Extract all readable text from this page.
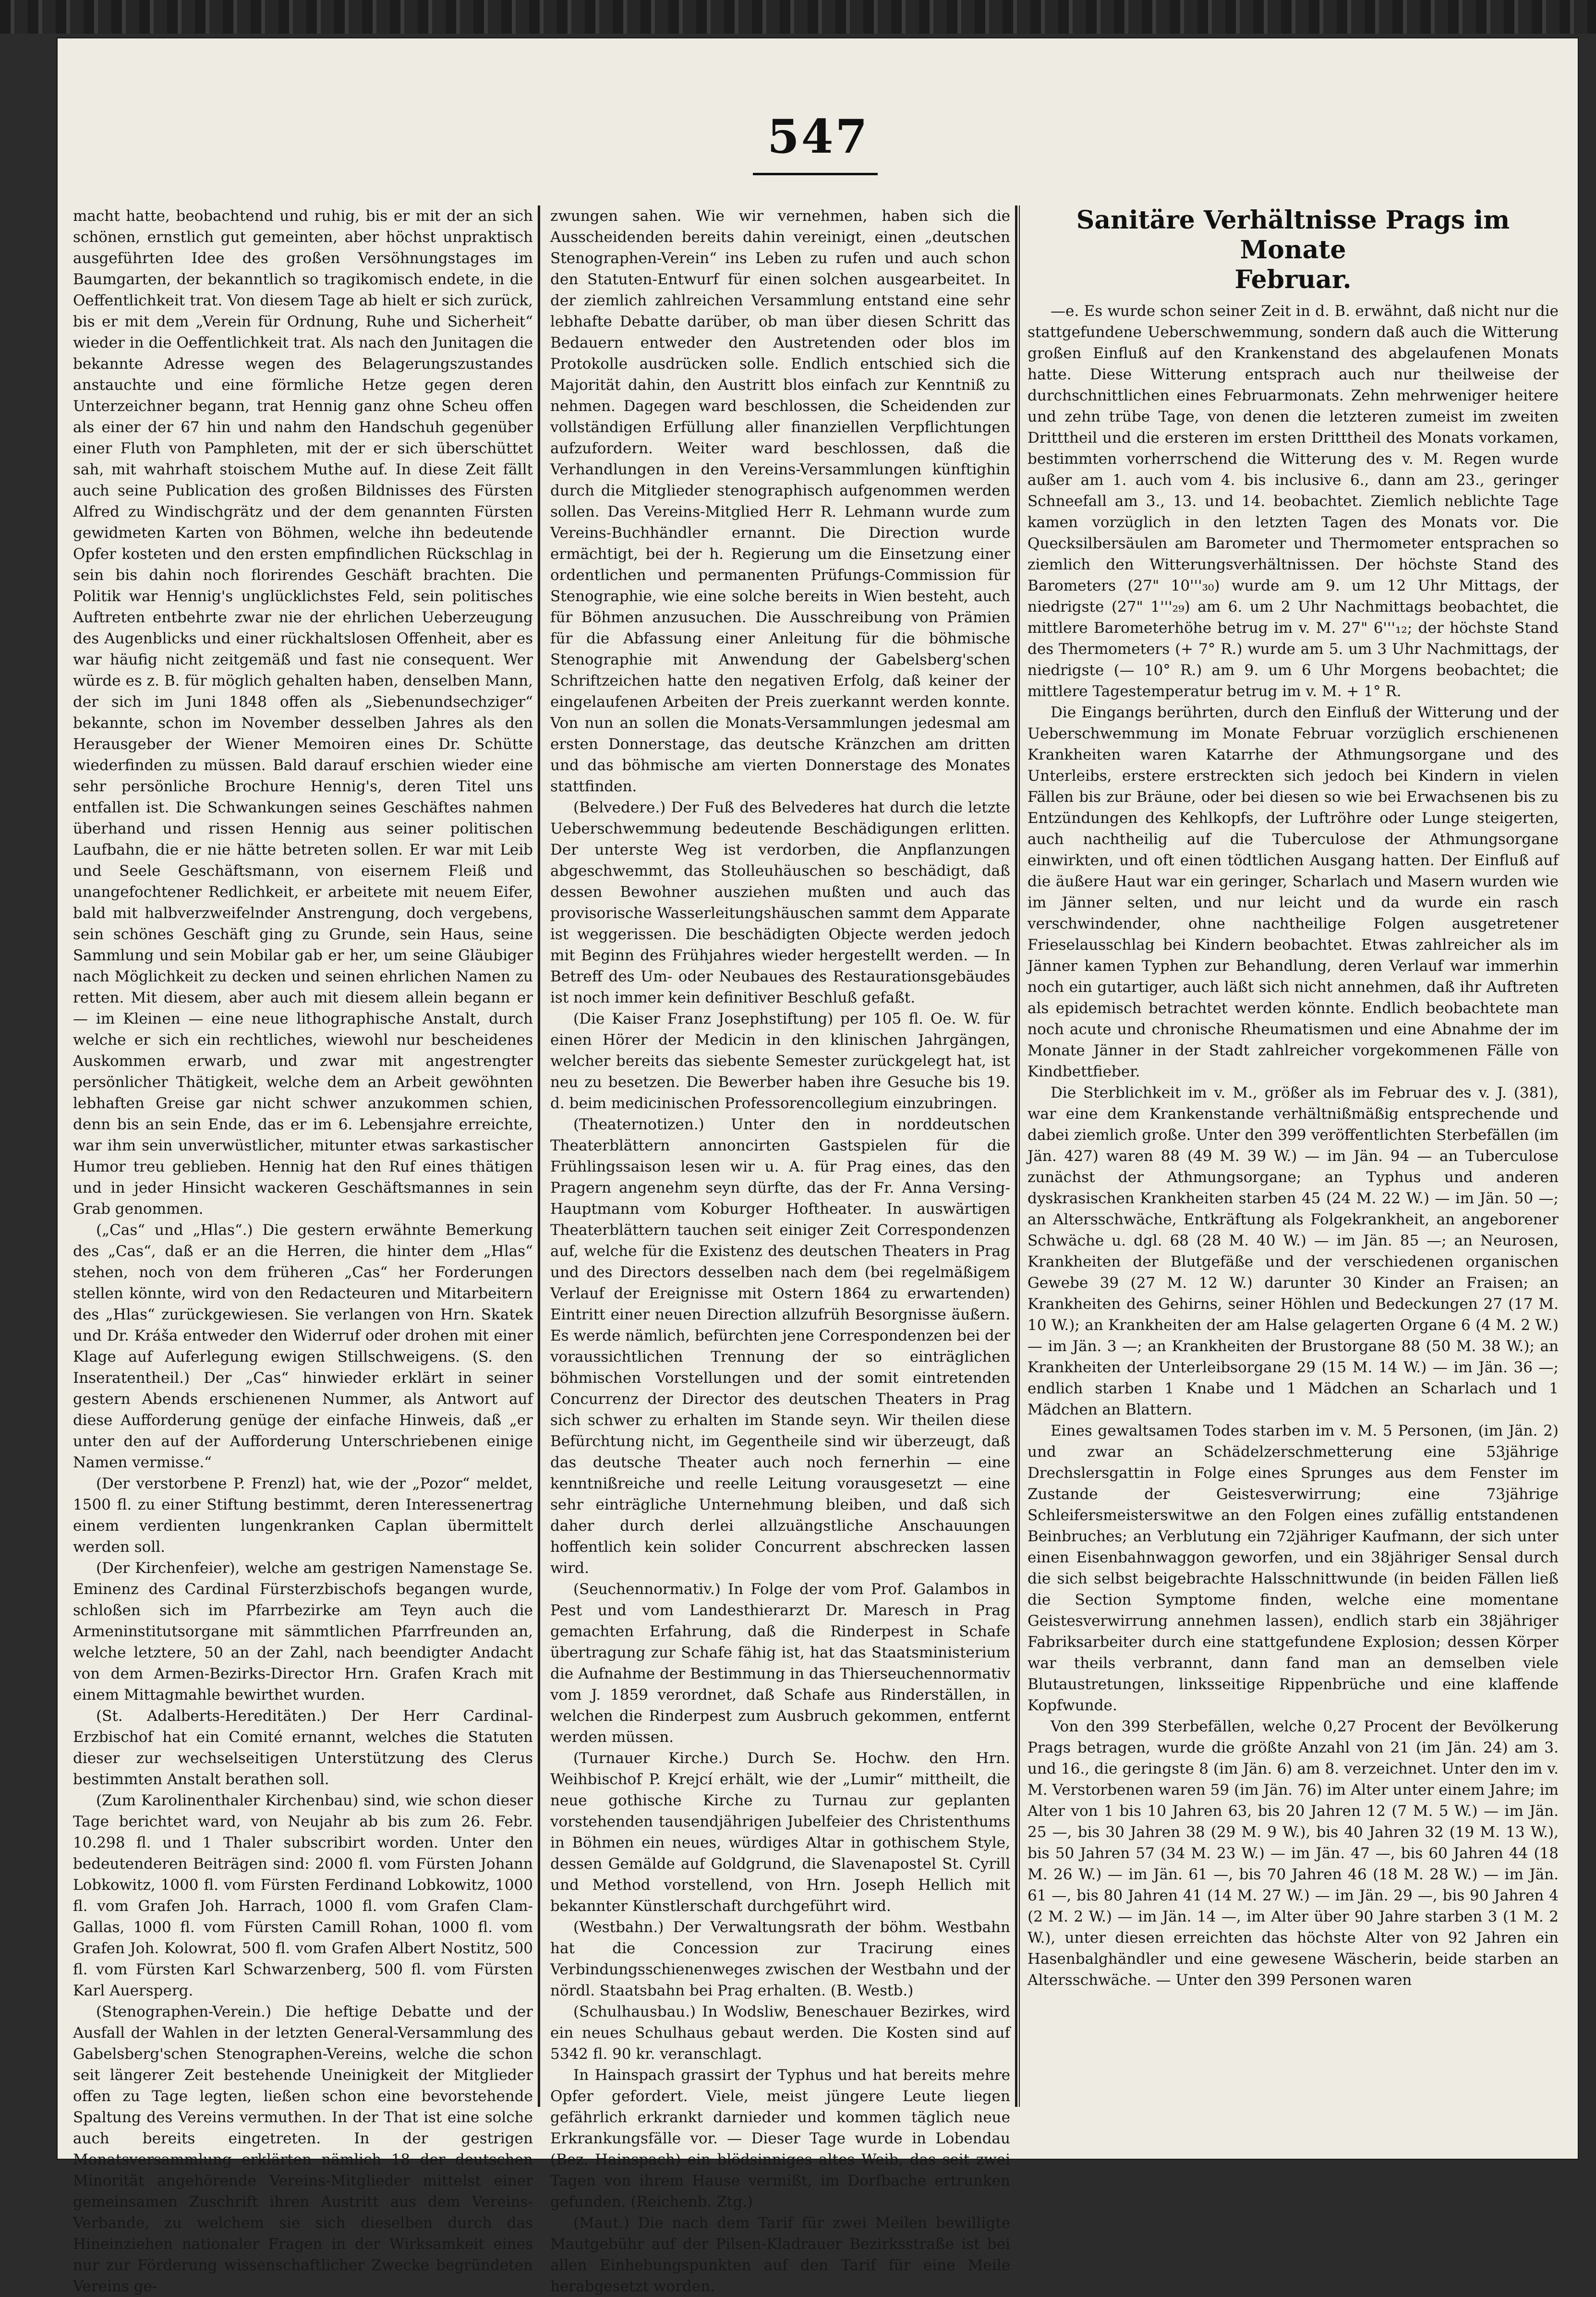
547

macht hatte, beobachtend und ruhig, bis er mit der an sich schönen, ernstlich gut gemeinten, aber höchst unpraktisch ausgeführten Idee des großen Versöhnungstages im Baumgarten, der bekanntlich so tragikomisch endete, in die Oeffentlichkeit trat. Von diesem Tage ab hielt er sich zurück, bis er mit dem „Verein für Ordnung, Ruhe und Sicherheit“ wieder in die Oeffentlichkeit trat. Als nach den Junitagen die bekannte Adresse wegen des Belagerungszustandes anstauchte und eine förmliche Hetze gegen deren Unterzeichner begann, trat Hennig ganz ohne Scheu offen als einer der 67 hin und nahm den Handschuh gegenüber einer Fluth von Pamphleten, mit der er sich überschüttet sah, mit wahrhaft stoischem Muthe auf. In diese Zeit fällt auch seine Publication des großen Bildnisses des Fürsten Alfred zu Windischgrätz und der dem genannten Fürsten gewidmeten Karten von Böhmen, welche ihn bedeutende Opfer kosteten und den ersten empfindlichen Rückschlag in sein bis dahin noch florirendes Geschäft brachten. Die Politik war Hennig's unglücklichstes Feld, sein politisches Auftreten entbehrte zwar nie der ehrlichen Ueberzeugung des Augenblicks und einer rückhaltslosen Offenheit, aber es war häufig nicht zeitgemäß und fast nie consequent. Wer würde es z. B. für möglich gehalten haben, denselben Mann, der sich im Juni 1848 offen als „Siebenundsechziger“ bekannte, schon im November desselben Jahres als den Herausgeber der Wiener Memoiren eines Dr. Schütte wiederfinden zu müssen. Bald darauf erschien wieder eine sehr persönliche Brochure Hennig's, deren Titel uns entfallen ist. Die Schwankungen seines Geschäftes nahmen überhand und rissen Hennig aus seiner politischen Laufbahn, die er nie hätte betreten sollen. Er war mit Leib und Seele Geschäftsmann, von eisernem Fleiß und unangefochtener Redlichkeit, er arbeitete mit neuem Eifer, bald mit halbverzweifelnder Anstrengung, doch vergebens, sein schönes Geschäft ging zu Grunde, sein Haus, seine Sammlung und sein Mobilar gab er her, um seine Gläubiger nach Möglichkeit zu decken und seinen ehrlichen Namen zu retten. Mit diesem, aber auch mit diesem allein begann er — im Kleinen — eine neue lithographische Anstalt, durch welche er sich ein rechtliches, wiewohl nur bescheidenes Auskommen erwarb, und zwar mit angestrengter persönlicher Thätigkeit, welche dem an Arbeit gewöhnten lebhaften Greise gar nicht schwer anzukommen schien, denn bis an sein Ende, das er im 6. Lebensjahre erreichte, war ihm sein unverwüstlicher, mitunter etwas sarkastischer Humor treu geblieben. Hennig hat den Ruf eines thätigen und in jeder Hinsicht wackeren Geschäftsmannes in sein Grab genommen.

(„Cas“ und „Hlas“.) Die gestern erwähnte Bemerkung des „Cas“, daß er an die Herren, die hinter dem „Hlas“ stehen, noch von dem früheren „Cas“ her Forderungen stellen könnte, wird von den Redacteuren und Mitarbeitern des „Hlas“ zurückgewiesen. Sie verlangen von Hrn. Skatek und Dr. Kráša entweder den Widerruf oder drohen mit einer Klage auf Auferlegung ewigen Stillschweigens. (S. den Inseratentheil.) Der „Cas“ hinwieder erklärt in seiner gestern Abends erschienenen Nummer, als Antwort auf diese Aufforderung genüge der einfache Hinweis, daß „er unter den auf der Aufforderung Unterschriebenen einige Namen vermisse.“

(Der verstorbene P. Frenzl) hat, wie der „Pozor“ meldet, 1500 fl. zu einer Stiftung bestimmt, deren Interessenertrag einem verdienten lungenkranken Caplan übermittelt werden soll.

(Der Kirchenfeier), welche am gestrigen Namenstage Se. Eminenz des Cardinal Fürsterzbischofs begangen wurde, schloßen sich im Pfarrbezirke am Teyn auch die Armeninstitutsorgane mit sämmtlichen Pfarrfreunden an, welche letztere, 50 an der Zahl, nach beendigter Andacht von dem Armen-Bezirks-Director Hrn. Grafen Krach mit einem Mittagmahle bewirthet wurden.

(St. Adalberts-Hereditäten.) Der Herr Cardinal-Erzbischof hat ein Comité ernannt, welches die Statuten dieser zur wechselseitigen Unterstützung des Clerus bestimmten Anstalt berathen soll.

(Zum Karolinenthaler Kirchenbau) sind, wie schon dieser Tage berichtet ward, von Neujahr ab bis zum 26. Febr. 10.298 fl. und 1 Thaler subscribirt worden. Unter den bedeutenderen Beiträgen sind: 2000 fl. vom Fürsten Johann Lobkowitz, 1000 fl. vom Fürsten Ferdinand Lobkowitz, 1000 fl. vom Grafen Joh. Harrach, 1000 fl. vom Grafen Clam-Gallas, 1000 fl. vom Fürsten Camill Rohan, 1000 fl. vom Grafen Joh. Kolowrat, 500 fl. vom Grafen Albert Nostitz, 500 fl. vom Fürsten Karl Schwarzenberg, 500 fl. vom Fürsten Karl Auersperg.

(Stenographen-Verein.) Die heftige Debatte und der Ausfall der Wahlen in der letzten General-Versammlung des Gabelsberg'schen Stenographen-Vereins, welche die schon seit längerer Zeit bestehende Uneinigkeit der Mitglieder offen zu Tage legten, ließen schon eine bevorstehende Spaltung des Vereins vermuthen. In der That ist eine solche auch bereits eingetreten. In der gestrigen Monatsversammlung erklärten nämlich 18 der deutschen Minorität angehörende Vereins-Mitglieder mittelst einer gemeinsamen Zuschrift ihren Austritt aus dem Vereins-Verbande, zu welchem sie sich dieselben durch das Hineinziehen nationaler Fragen in der Wirksamkeit eines nur zur Förderung wissenschaftlicher Zwecke begründeten Vereins ge-

zwungen sahen. Wie wir vernehmen, haben sich die Ausscheidenden bereits dahin vereinigt, einen „deutschen Stenographen-Verein“ ins Leben zu rufen und auch schon den Statuten-Entwurf für einen solchen ausgearbeitet. In der ziemlich zahlreichen Versammlung entstand eine sehr lebhafte Debatte darüber, ob man über diesen Schritt das Bedauern entweder den Austretenden oder blos im Protokolle ausdrücken solle. Endlich entschied sich die Majorität dahin, den Austritt blos einfach zur Kenntniß zu nehmen. Dagegen ward beschlossen, die Scheidenden zur vollständigen Erfüllung aller finanziellen Verpflichtungen aufzufordern. Weiter ward beschlossen, daß die Verhandlungen in den Vereins-Versammlungen künftighin durch die Mitglieder stenographisch aufgenommen werden sollen. Das Vereins-Mitglied Herr R. Lehmann wurde zum Vereins-Buchhändler ernannt. Die Direction wurde ermächtigt, bei der h. Regierung um die Einsetzung einer ordentlichen und permanenten Prüfungs-Commission für Stenographie, wie eine solche bereits in Wien besteht, auch für Böhmen anzusuchen. Die Ausschreibung von Prämien für die Abfassung einer Anleitung für die böhmische Stenographie mit Anwendung der Gabelsberg'schen Schriftzeichen hatte den negativen Erfolg, daß keiner der eingelaufenen Arbeiten der Preis zuerkannt werden konnte. Von nun an sollen die Monats-Versammlungen jedesmal am ersten Donnerstage, das deutsche Kränzchen am dritten und das böhmische am vierten Donnerstage des Monates stattfinden.

(Belvedere.) Der Fuß des Belvederes hat durch die letzte Ueberschwemmung bedeutende Beschädigungen erlitten. Der unterste Weg ist verdorben, die Anpflanzungen abgeschwemmt, das Stolleuhäuschen so beschädigt, daß dessen Bewohner ausziehen mußten und auch das provisorische Wasserleitungshäuschen sammt dem Apparate ist weggerissen. Die beschädigten Objecte werden jedoch mit Beginn des Frühjahres wieder hergestellt werden. — In Betreff des Um- oder Neubaues des Restaurationsgebäudes ist noch immer kein definitiver Beschluß gefaßt.

(Die Kaiser Franz Josephstiftung) per 105 fl. Oe. W. für einen Hörer der Medicin in den klinischen Jahrgängen, welcher bereits das siebente Semester zurückgelegt hat, ist neu zu besetzen. Die Bewerber haben ihre Gesuche bis 19. d. beim medicinischen Professorencollegium einzubringen.

(Theaternotizen.) Unter den in norddeutschen Theaterblättern annoncirten Gastspielen für die Frühlingssaison lesen wir u. A. für Prag eines, das den Pragern angenehm seyn dürfte, das der Fr. Anna Versing-Hauptmann vom Koburger Hoftheater. In auswärtigen Theaterblättern tauchen seit einiger Zeit Correspondenzen auf, welche für die Existenz des deutschen Theaters in Prag und des Directors desselben nach dem (bei regelmäßigem Verlauf der Ereignisse mit Ostern 1864 zu erwartenden) Eintritt einer neuen Direction allzufrüh Besorgnisse äußern. Es werde nämlich, befürchten jene Correspondenzen bei der voraussichtlichen Trennung der so einträglichen böhmischen Vorstellungen und der somit eintretenden Concurrenz der Director des deutschen Theaters in Prag sich schwer zu erhalten im Stande seyn. Wir theilen diese Befürchtung nicht, im Gegentheile sind wir überzeugt, daß das deutsche Theater auch noch fernerhin — eine kenntnißreiche und reelle Leitung vorausgesetzt — eine sehr einträgliche Unternehmung bleiben, und daß sich daher durch derlei allzuängstliche Anschauungen hoffentlich kein solider Concurrent abschrecken lassen wird.

(Seuchennormativ.) In Folge der vom Prof. Galambos in Pest und vom Landesthierarzt Dr. Maresch in Prag gemachten Erfahrung, daß die Rinderpest in Schafe übertragung zur Schafe fähig ist, hat das Staatsministerium die Aufnahme der Bestimmung in das Thierseuchennormativ vom J. 1859 verordnet, daß Schafe aus Rinderställen, in welchen die Rinderpest zum Ausbruch gekommen, entfernt werden müssen.

(Turnauer Kirche.) Durch Se. Hochw. den Hrn. Weihbischof P. Krejcí erhält, wie der „Lumir“ mittheilt, die neue gothische Kirche zu Turnau zur geplanten vorstehenden tausendjährigen Jubelfeier des Christenthums in Böhmen ein neues, würdiges Altar in gothischem Style, dessen Gemälde auf Goldgrund, die Slavenapostel St. Cyrill und Method vorstellend, von Hrn. Joseph Hellich mit bekannter Künstlerschaft durchgeführt wird.

(Westbahn.) Der Verwaltungsrath der böhm. Westbahn hat die Concession zur Tracirung eines Verbindungsschienenweges zwischen der Westbahn und der nördl. Staatsbahn bei Prag erhalten. (B. Westb.)

(Schulhausbau.) In Wodsliw, Beneschauer Bezirkes, wird ein neues Schulhaus gebaut werden. Die Kosten sind auf 5342 fl. 90 kr. veranschlagt.

In Hainspach grassirt der Typhus und hat bereits mehre Opfer gefordert. Viele, meist jüngere Leute liegen gefährlich erkrankt darnieder und kommen täglich neue Erkrankungsfälle vor. — Dieser Tage wurde in Lobendau (Bez. Hainspach) ein blödsinniges altes Weib, das seit zwei Tagen von ihrem Hause vermißt, im Dorfbache ertrunken gefunden. (Reichenb. Ztg.)

(Maut.) Die nach dem Tarif für zwei Meilen bewilligte Mautgebühr auf der Pilsen-Kladrauer Bezirksstraße ist bei allen Einhebungspunkten auf den Tarif für eine Meile herabgesetzt worden.

Sanitäre Verhältnisse Prags im Monate
Februar.

—e. Es wurde schon seiner Zeit in d. B. erwähnt, daß nicht nur die stattgefundene Ueberschwemmung, sondern daß auch die Witterung großen Einfluß auf den Krankenstand des abgelaufenen Monats hatte. Diese Witterung entsprach auch nur theilweise der durchschnittlichen eines Februarmonats. Zehn mehrweniger heitere und zehn trübe Tage, von denen die letzteren zumeist im zweiten Dritttheil und die ersteren im ersten Dritttheil des Monats vorkamen, bestimmten vorherrschend die Witterung des v. M. Regen wurde außer am 1. auch vom 4. bis inclusive 6., dann am 23., geringer Schneefall am 3., 13. und 14. beobachtet. Ziemlich neblichte Tage kamen vorzüglich in den letzten Tagen des Monats vor. Die Quecksilbersäulen am Barometer und Thermometer entsprachen so ziemlich den Witterungsverhältnissen. Der höchste Stand des Barometers (27" 10'''₃₀) wurde am 9. um 12 Uhr Mittags, der niedrigste (27" 1'''₂₉) am 6. um 2 Uhr Nachmittags beobachtet, die mittlere Barometerhöhe betrug im v. M. 27" 6'''₁₂; der höchste Stand des Thermometers (+ 7° R.) wurde am 5. um 3 Uhr Nachmittags, der niedrigste (— 10° R.) am 9. um 6 Uhr Morgens beobachtet; die mittlere Tagestemperatur betrug im v. M. + 1° R.

Die Eingangs berührten, durch den Einfluß der Witterung und der Ueberschwemmung im Monate Februar vorzüglich erschienenen Krankheiten waren Katarrhe der Athmungsorgane und des Unterleibs, erstere erstreckten sich jedoch bei Kindern in vielen Fällen bis zur Bräune, oder bei diesen so wie bei Erwachsenen bis zu Entzündungen des Kehlkopfs, der Luftröhre oder Lunge steigerten, auch nachtheilig auf die Tuberculose der Athmungsorgane einwirkten, und oft einen tödtlichen Ausgang hatten. Der Einfluß auf die äußere Haut war ein geringer, Scharlach und Masern wurden wie im Jänner selten, und nur leicht und da wurde ein rasch verschwindender, ohne nachtheilige Folgen ausgetretener Frieselausschlag bei Kindern beobachtet. Etwas zahlreicher als im Jänner kamen Typhen zur Behandlung, deren Verlauf war immerhin noch ein gutartiger, auch läßt sich nicht annehmen, daß ihr Auftreten als epidemisch betrachtet werden könnte. Endlich beobachtete man noch acute und chronische Rheumatismen und eine Abnahme der im Monate Jänner in der Stadt zahlreicher vorgekommenen Fälle von Kindbettfieber.

Die Sterblichkeit im v. M., größer als im Februar des v. J. (381), war eine dem Krankenstande verhältnißmäßig entsprechende und dabei ziemlich große. Unter den 399 veröffentlichten Sterbefällen (im Jän. 427) waren 88 (49 M. 39 W.) — im Jän. 94 — an Tuberculose zunächst der Athmungsorgane; an Typhus und anderen dyskrasischen Krankheiten starben 45 (24 M. 22 W.) — im Jän. 50 —; an Altersschwäche, Entkräftung als Folgekrankheit, an angeborener Schwäche u. dgl. 68 (28 M. 40 W.) — im Jän. 85 —; an Neurosen, Krankheiten der Blutgefäße und der verschiedenen organischen Gewebe 39 (27 M. 12 W.) darunter 30 Kinder an Fraisen; an Krankheiten des Gehirns, seiner Höhlen und Bedeckungen 27 (17 M. 10 W.); an Krankheiten der am Halse gelagerten Organe 6 (4 M. 2 W.) — im Jän. 3 —; an Krankheiten der Brustorgane 88 (50 M. 38 W.); an Krankheiten der Unterleibsorgane 29 (15 M. 14 W.) — im Jän. 36 —; endlich starben 1 Knabe und 1 Mädchen an Scharlach und 1 Mädchen an Blattern.

Eines gewaltsamen Todes starben im v. M. 5 Personen, (im Jän. 2) und zwar an Schädelzerschmetterung eine 53jährige Drechslersgattin in Folge eines Sprunges aus dem Fenster im Zustande der Geistesverwirrung; eine 73jährige Schleifersmeisterswitwe an den Folgen eines zufällig entstandenen Beinbruches; an Verblutung ein 72jähriger Kaufmann, der sich unter einen Eisenbahnwaggon geworfen, und ein 38jähriger Sensal durch die sich selbst beigebrachte Halsschnittwunde (in beiden Fällen ließ die Section Symptome finden, welche eine momentane Geistesverwirrung annehmen lassen), endlich starb ein 38jähriger Fabriksarbeiter durch eine stattgefundene Explosion; dessen Körper war theils verbrannt, dann fand man an demselben viele Blutaustretungen, linksseitige Rippenbrüche und eine klaffende Kopfwunde.

Von den 399 Sterbefällen, welche 0,27 Procent der Bevölkerung Prags betragen, wurde die größte Anzahl von 21 (im Jän. 24) am 3. und 16., die geringste 8 (im Jän. 6) am 8. verzeichnet. Unter den im v. M. Verstorbenen waren 59 (im Jän. 76) im Alter unter einem Jahre; im Alter von 1 bis 10 Jahren 63, bis 20 Jahren 12 (7 M. 5 W.) — im Jän. 25 —, bis 30 Jahren 38 (29 M. 9 W.), bis 40 Jahren 32 (19 M. 13 W.), bis 50 Jahren 57 (34 M. 23 W.) — im Jän. 47 —, bis 60 Jahren 44 (18 M. 26 W.) — im Jän. 61 —, bis 70 Jahren 46 (18 M. 28 W.) — im Jän. 61 —, bis 80 Jahren 41 (14 M. 27 W.) — im Jän. 29 —, bis 90 Jahren 4 (2 M. 2 W.) — im Jän. 14 —, im Alter über 90 Jahre starben 3 (1 M. 2 W.), unter diesen erreichten das höchste Alter von 92 Jahren ein Hasenbalghändler und eine gewesene Wäscherin, beide starben an Altersschwäche. — Unter den 399 Personen waren
